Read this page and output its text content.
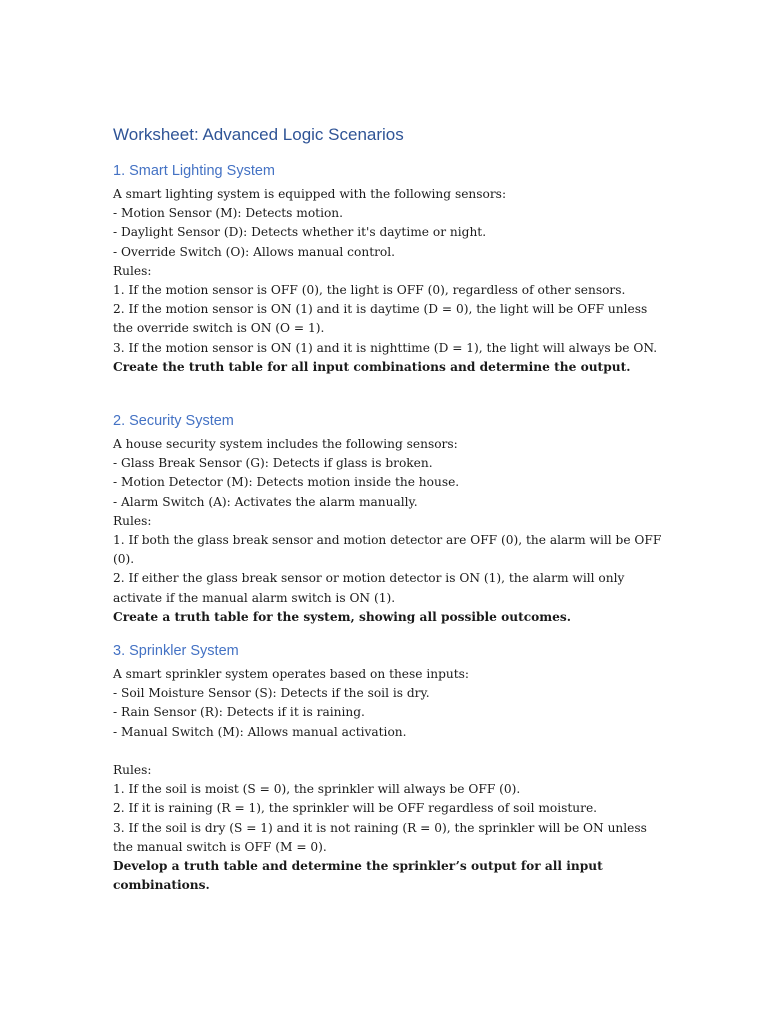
Worksheet: Advanced Logic Scenarios
1. Smart Lighting System

A smart lighting system is equipped with the following sensors:

- Motion Sensor (M): Detects motion.

- Daylight Sensor (D): Detects whether it's daytime or night.

- Override Switch (O): Allows manual control.

Rules:

1. If the motion sensor is OFF (0), the light is OFF (0), regardless of other sensors.

2. If the motion sensor is ON (1) and it is daytime (D = 0), the light will be OFF unless the override switch is ON (O = 1).

3. If the motion sensor is ON (1) and it is nighttime (D = 1), the light will always be ON.

Create the truth table for all input combinations and determine the output.

2. Security System

A house security system includes the following sensors:

- Glass Break Sensor (G): Detects if glass is broken.

- Motion Detector (M): Detects motion inside the house.

- Alarm Switch (A): Activates the alarm manually.

Rules:

1. If both the glass break sensor and motion detector are OFF (0), the alarm will be OFF (0).

2. If either the glass break sensor or motion detector is ON (1), the alarm will only activate if the manual alarm switch is ON (1).

Create a truth table for the system, showing all possible outcomes.

3. Sprinkler System

A smart sprinkler system operates based on these inputs:

- Soil Moisture Sensor (S): Detects if the soil is dry.

- Rain Sensor (R): Detects if it is raining.

- Manual Switch (M): Allows manual activation.

Rules:

1. If the soil is moist (S = 0), the sprinkler will always be OFF (0).

2. If it is raining (R = 1), the sprinkler will be OFF regardless of soil moisture.

3. If the soil is dry (S = 1) and it is not raining (R = 0), the sprinkler will be ON unless the manual switch is OFF (M = 0).

Develop a truth table and determine the sprinkler’s output for all input combinations.
